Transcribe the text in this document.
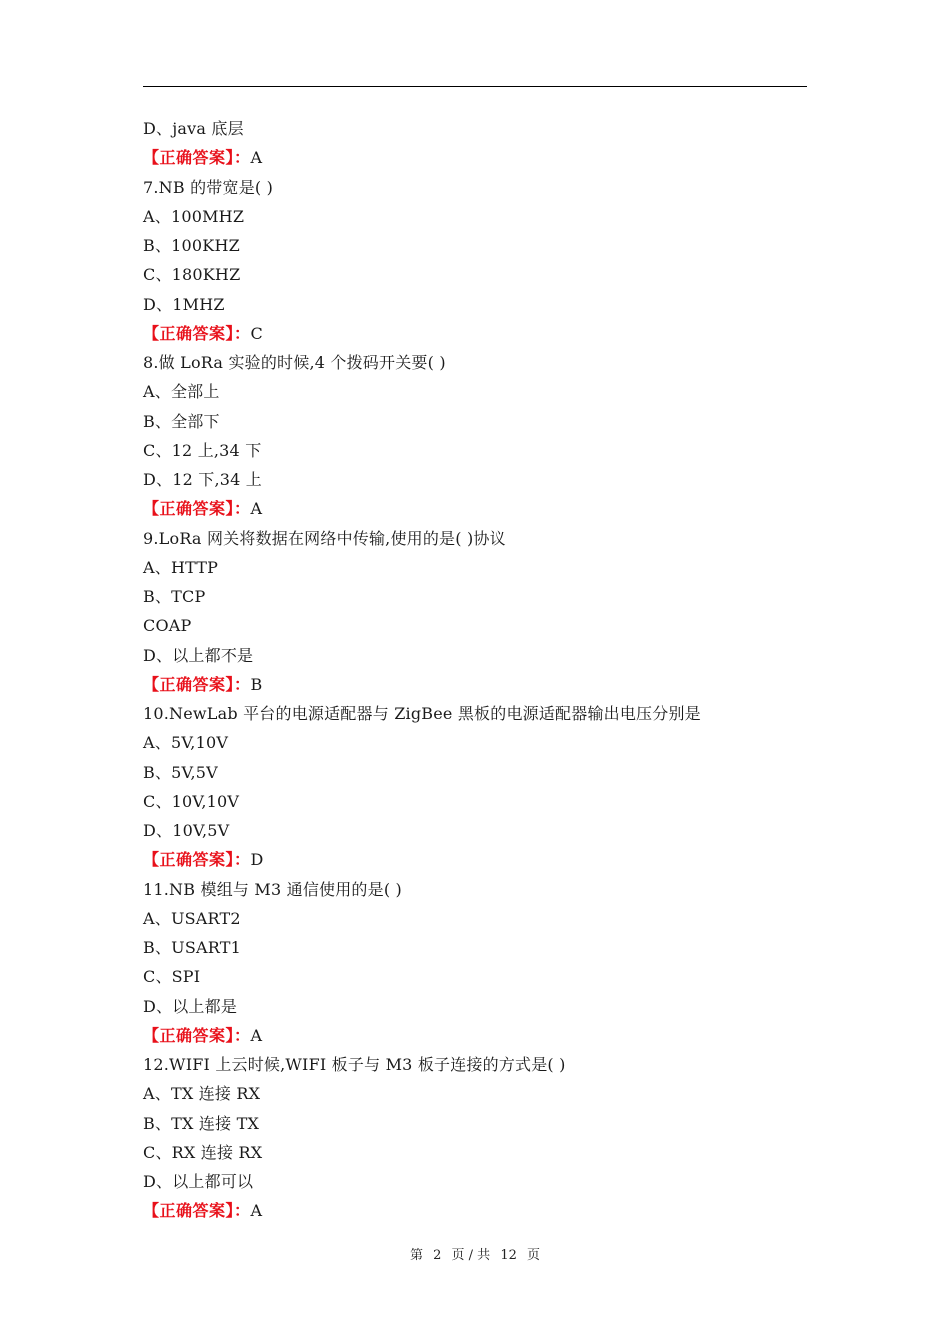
D、java 底层
【正确答案】：A
7.NB 的带宽是( )
A、100MHZ
B、100KHZ
C、180KHZ
D、1MHZ
【正确答案】：C
8.做 LoRa 实验的时候,4 个拨码开关要( )
A、全部上
B、全部下
C、12 上,34 下
D、12 下,34 上
【正确答案】：A
9.LoRa 网关将数据在网络中传输,使用的是( )协议
A、HTTP
B、TCP
COAP
D、以上都不是
【正确答案】：B
10.NewLab 平台的电源适配器与 ZigBee 黑板的电源适配器输出电压分别是
A、5V,10V
B、5V,5V
C、10V,10V
D、10V,5V
【正确答案】：D
11.NB 模组与 M3 通信使用的是( )
A、USART2
B、USART1
C、SPI
D、以上都是
【正确答案】：A
12.WIFI 上云时候,WIFI 板子与 M3 板子连接的方式是( )
A、TX 连接 RX
B、TX 连接 TX
C、RX 连接 RX
D、以上都可以
【正确答案】：A
第 2 页 / 共 12 页
